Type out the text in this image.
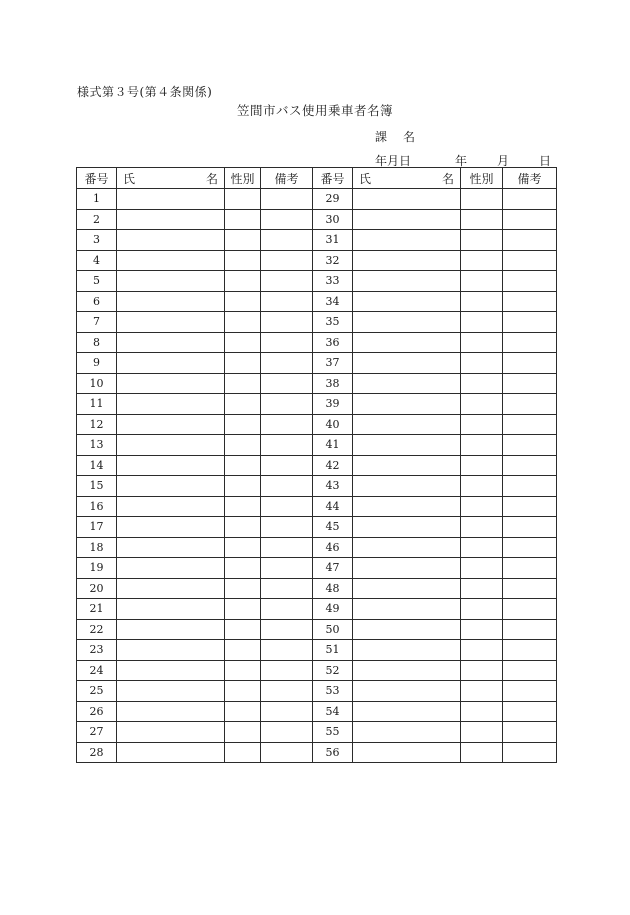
様式第３号(第４条関係)
笠間市バス使用乗車者名簿
課 名
年月日	年	月	日
番号	氏 名	性別	備考	番号	氏 名	性別	備考
1				29			
2				30			
3				31			
4				32			
5				33			
6				34			
7				35			
8				36			
9				37			
10				38			
11				39			
12				40			
13				41			
14				42			
15				43			
16				44			
17				45			
18				46			
19				47			
20				48			
21				49			
22				50			
23				51			
24				52			
25				53			
26				54			
27				55			
28				56			
